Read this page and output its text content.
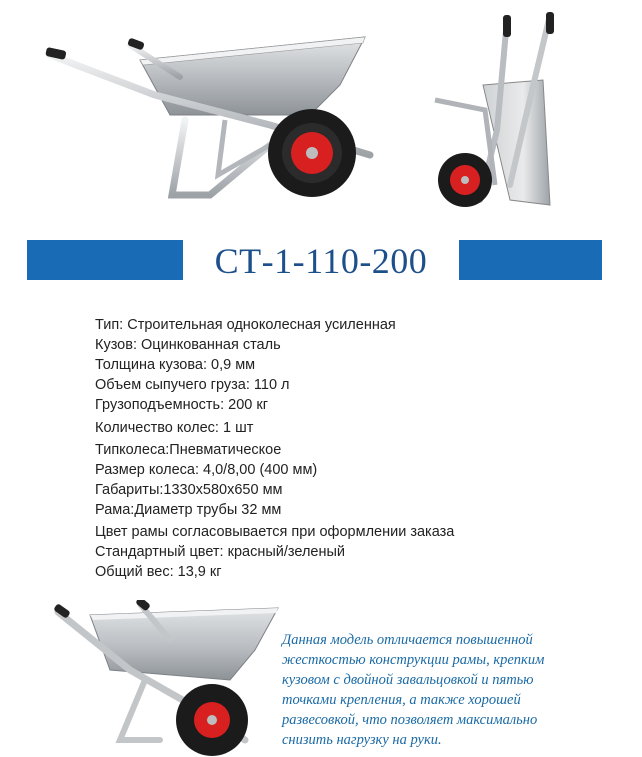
СТ-1-110-200
Тип: Строительная одноколесная усиленная
Кузов: Оцинкованная сталь
Толщина кузова: 0,9 мм
Объем сыпучего груза: 110 л
Грузоподъемность: 200 кг
Количество колес: 1 шт
Типколеса:Пневматическое
Размер колеса: 4,0/8,00 (400 мм)
Габариты:1330х580х650 мм
Рама:Диаметр трубы 32 мм
Цвет рамы согласовывается при оформлении заказа
Стандартный цвет: красный/зеленый
Общий вес: 13,9 кг
Данная модель отличается повышенной
жесткостью конструкции рамы, крепким
кузовом с двойной завальцовкой и пятью
точками крепления, а также хорошей
развесовкой, что позволяет максимально
снизить нагрузку на руки.
